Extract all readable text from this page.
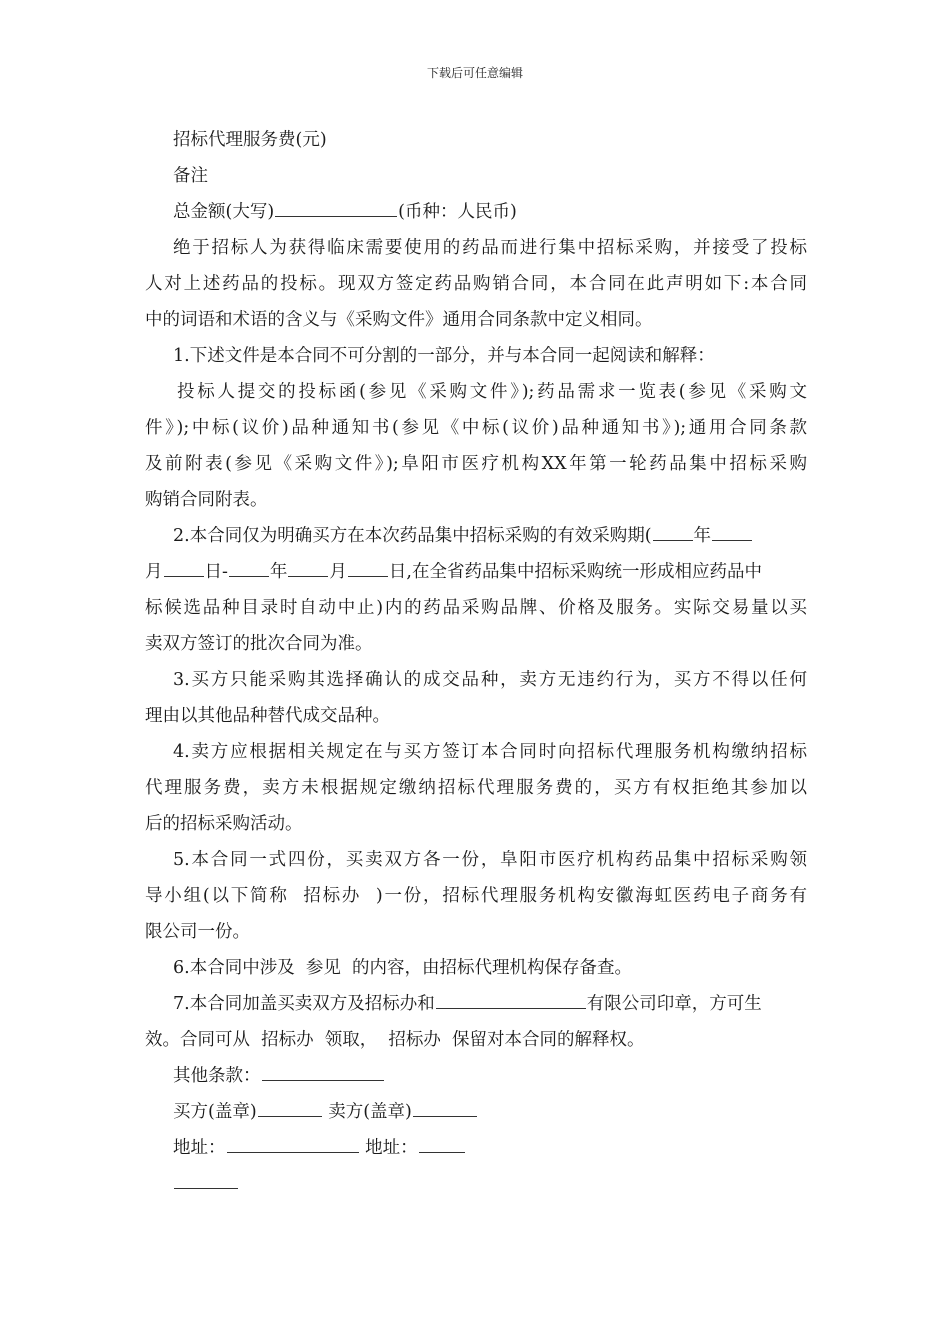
下载后可任意编辑
招标代理服务费(元)
备注
总金额(大写)	(币种：人民币)
绝于招标人为获得临床需要使用的药品而进行集中招标采购，并接受了投标
人对上述药品的投标。现双方签定药品购销合同，本合同在此声明如下:本合同
中的词语和术语的含义与《采购文件》通用合同条款中定义相同。
1.下述文件是本合同不可分割的一部分，并与本合同一起阅读和解释：
投标人提交的投标函(参见《采购文件》);药品需求一览表(参见《采购文
件》);中标(议价)品种通知书(参见《中标(议价)品种通知书》);通用合同条款
及前附表(参见《采购文件》);阜阳市医疗机构XX年第一轮药品集中招标采购
购销合同附表。
2.本合同仅为明确买方在本次药品集中招标采购的有效采购期( 年
月 日- 年 月 日,在全省药品集中招标采购统一形成相应药品中
标候选品种目录时自动中止)内的药品采购品牌、价格及服务。实际交易量以买
卖双方签订的批次合同为准。
3.买方只能采购其选择确认的成交品种，卖方无违约行为，买方不得以任何
理由以其他品种替代成交品种。
4.卖方应根据相关规定在与买方签订本合同时向招标代理服务机构缴纳招标
代理服务费，卖方未根据规定缴纳招标代理服务费的，买方有权拒绝其参加以
后的招标采购活动。
5.本合同一式四份，买卖双方各一份，阜阳市医疗机构药品集中招标采购领
导小组(以下简称  招标办  )一份，招标代理服务机构安徽海虹医药电子商务有
限公司一份。
6.本合同中涉及  参见  的内容，由招标代理机构保存备查。
7.本合同加盖买卖双方及招标办和	有限公司印章，方可生
效。合同可从  招标办  领取，  招标办  保留对本合同的解释权。
其他条款：
买方(盖章)	卖方(盖章)
地址：	地址：
